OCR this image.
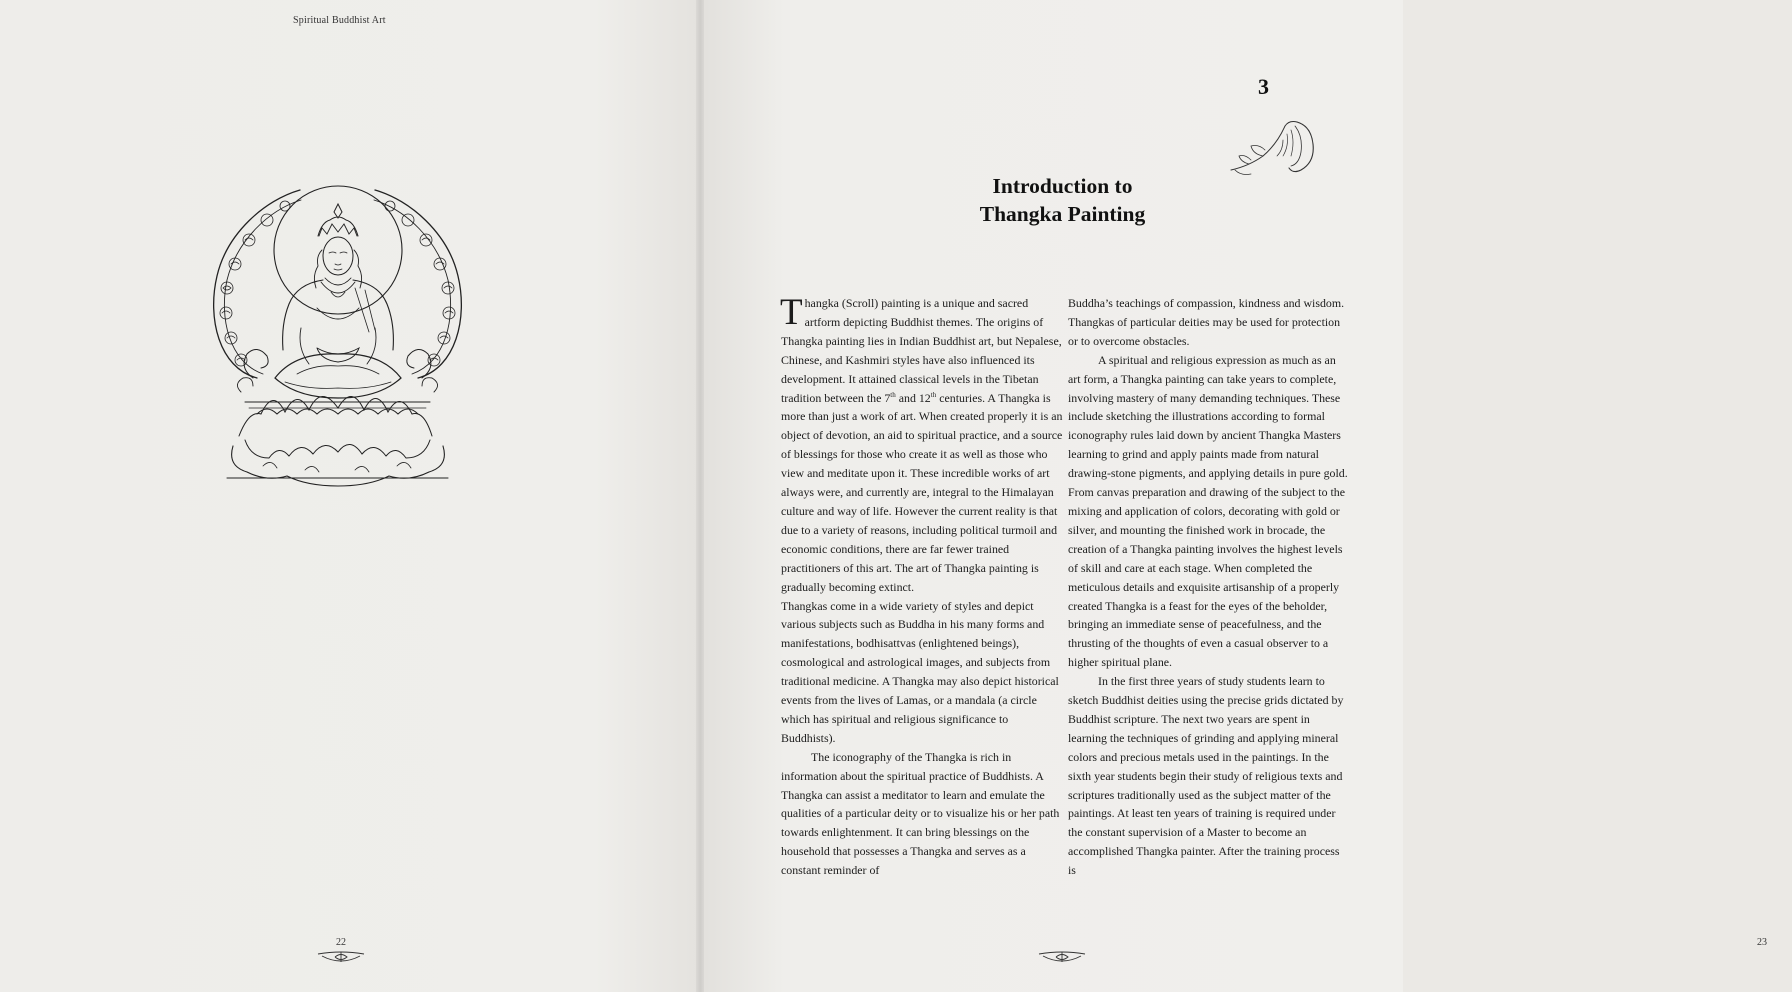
Spiritual Buddhist Art
22	23
3
Introduction to
Thangka Painting

Thangka (Scroll) painting is a unique and sacred artform depicting Buddhist themes. The origins of Thangka painting lies in Indian Buddhist art, but Nepalese, Chinese, and Kashmiri styles have also influenced its development. It attained classical levels in the Tibetan tradition between the 7th and 12th centuries. A Thangka is more than just a work of art. When created properly it is an object of devotion, an aid to spiritual practice, and a source of blessings for those who create it as well as those who view and meditate upon it. These incredible works of art always were, and currently are, integral to the Himalayan culture and way of life. However the current reality is that due to a variety of reasons, including political turmoil and economic conditions, there are far fewer trained practitioners of this art. The art of Thangka painting is gradually becoming extinct.

Thangkas come in a wide variety of styles and depict various subjects such as Buddha in his many forms and manifestations, bodhisattvas (enlightened beings), cosmological and astrological images, and subjects from traditional medicine. A Thangka may also depict historical events from the lives of Lamas, or a mandala (a circle which has spiritual and religious significance to Buddhists).

The iconography of the Thangka is rich in information about the spiritual practice of Buddhists. A Thangka can assist a meditator to learn and emulate the qualities of a particular deity or to visualize his or her path towards enlightenment. It can bring blessings on the household that possesses a Thangka and serves as a constant reminder of

Buddha’s teachings of compassion, kindness and wisdom. Thangkas of particular deities may be used for protection or to overcome obstacles.

A spiritual and religious expression as much as an art form, a Thangka painting can take years to complete, involving mastery of many demanding techniques. These include sketching the illustrations according to formal iconography rules laid down by ancient Thangka Masters learning to grind and apply paints made from natural drawing-stone pigments, and applying details in pure gold. From canvas preparation and drawing of the subject to the mixing and application of colors, decorating with gold or silver, and mounting the finished work in brocade, the creation of a Thangka painting involves the highest levels of skill and care at each stage. When completed the meticulous details and exquisite artisanship of a properly created Thangka is a feast for the eyes of the beholder, bringing an immediate sense of peacefulness, and the thrusting of the thoughts of even a casual observer to a higher spiritual plane.

In the first three years of study students learn to sketch Buddhist deities using the precise grids dictated by Buddhist scripture. The next two years are spent in learning the techniques of grinding and applying mineral colors and precious metals used in the paintings. In the sixth year students begin their study of religious texts and scriptures traditionally used as the subject matter of the paintings. At least ten years of training is required under the constant supervision of a Master to become an accomplished Thangka painter. After the training process is
